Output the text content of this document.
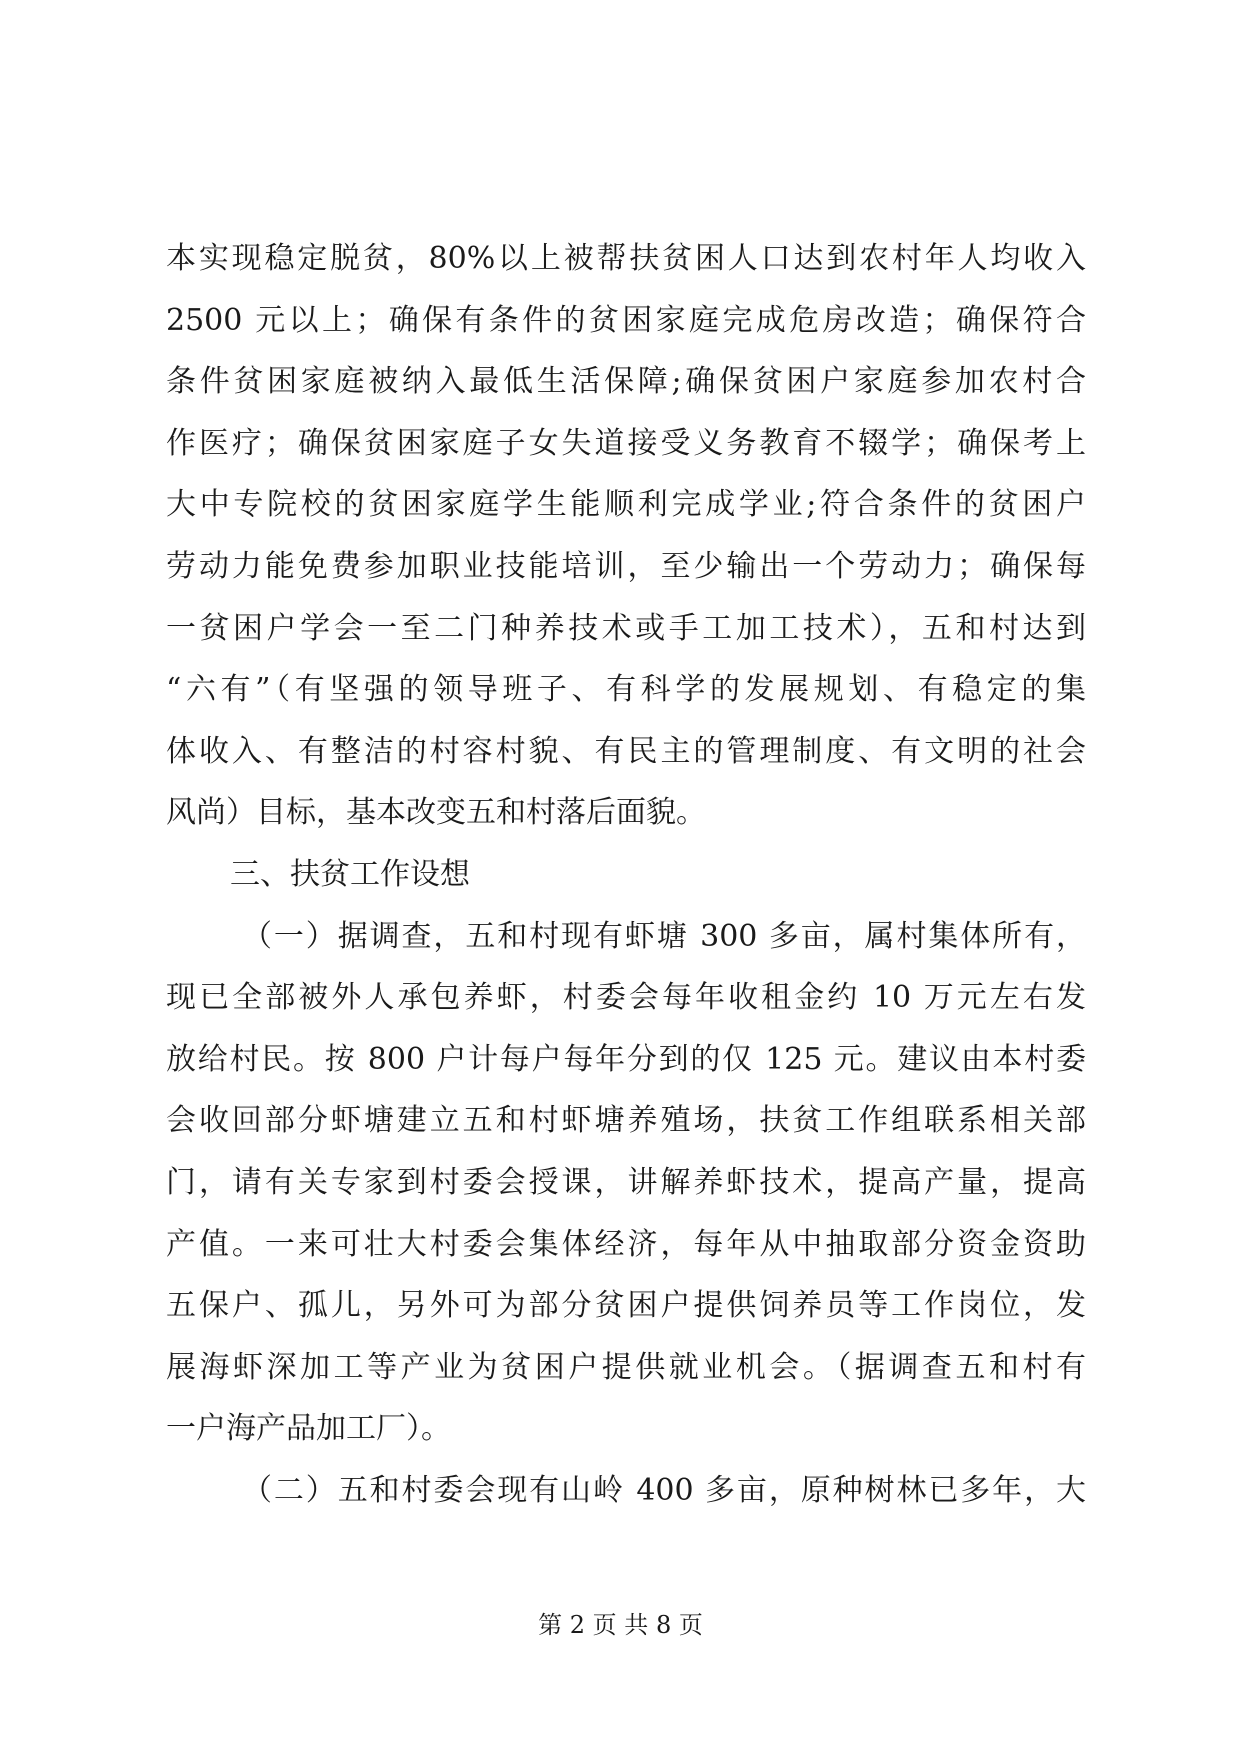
本实现稳定脱贫，80%以上被帮扶贫困人口达到农村年人均收入
2500 元以上；确保有条件的贫困家庭完成危房改造；确保符合
条件贫困家庭被纳入最低生活保障;确保贫困户家庭参加农村合
作医疗；确保贫困家庭子女失道接受义务教育不辍学；确保考上
大中专院校的贫困家庭学生能顺利完成学业;符合条件的贫困户
劳动力能免费参加职业技能培训，至少输出一个劳动力；确保每
一贫困户学会一至二门种养技术或手工加工技术），五和村达到
“六有”（有坚强的领导班子、有科学的发展规划、有稳定的集
体收入、有整洁的村容村貌、有民主的管理制度、有文明的社会
风尚）目标，基本改变五和村落后面貌。
三、扶贫工作设想
（一）据调查，五和村现有虾塘 300 多亩，属村集体所有，
现已全部被外人承包养虾，村委会每年收租金约 10 万元左右发
放给村民。按 800 户计每户每年分到的仅 125 元。建议由本村委
会收回部分虾塘建立五和村虾塘养殖场，扶贫工作组联系相关部
门，请有关专家到村委会授课，讲解养虾技术，提高产量，提高
产值。一来可壮大村委会集体经济，每年从中抽取部分资金资助
五保户、孤儿，另外可为部分贫困户提供饲养员等工作岗位，发
展海虾深加工等产业为贫困户提供就业机会。（据调查五和村有
一户海产品加工厂）。
（二）五和村委会现有山岭 400 多亩，原种树林已多年，大
第 2 页 共 8 页
